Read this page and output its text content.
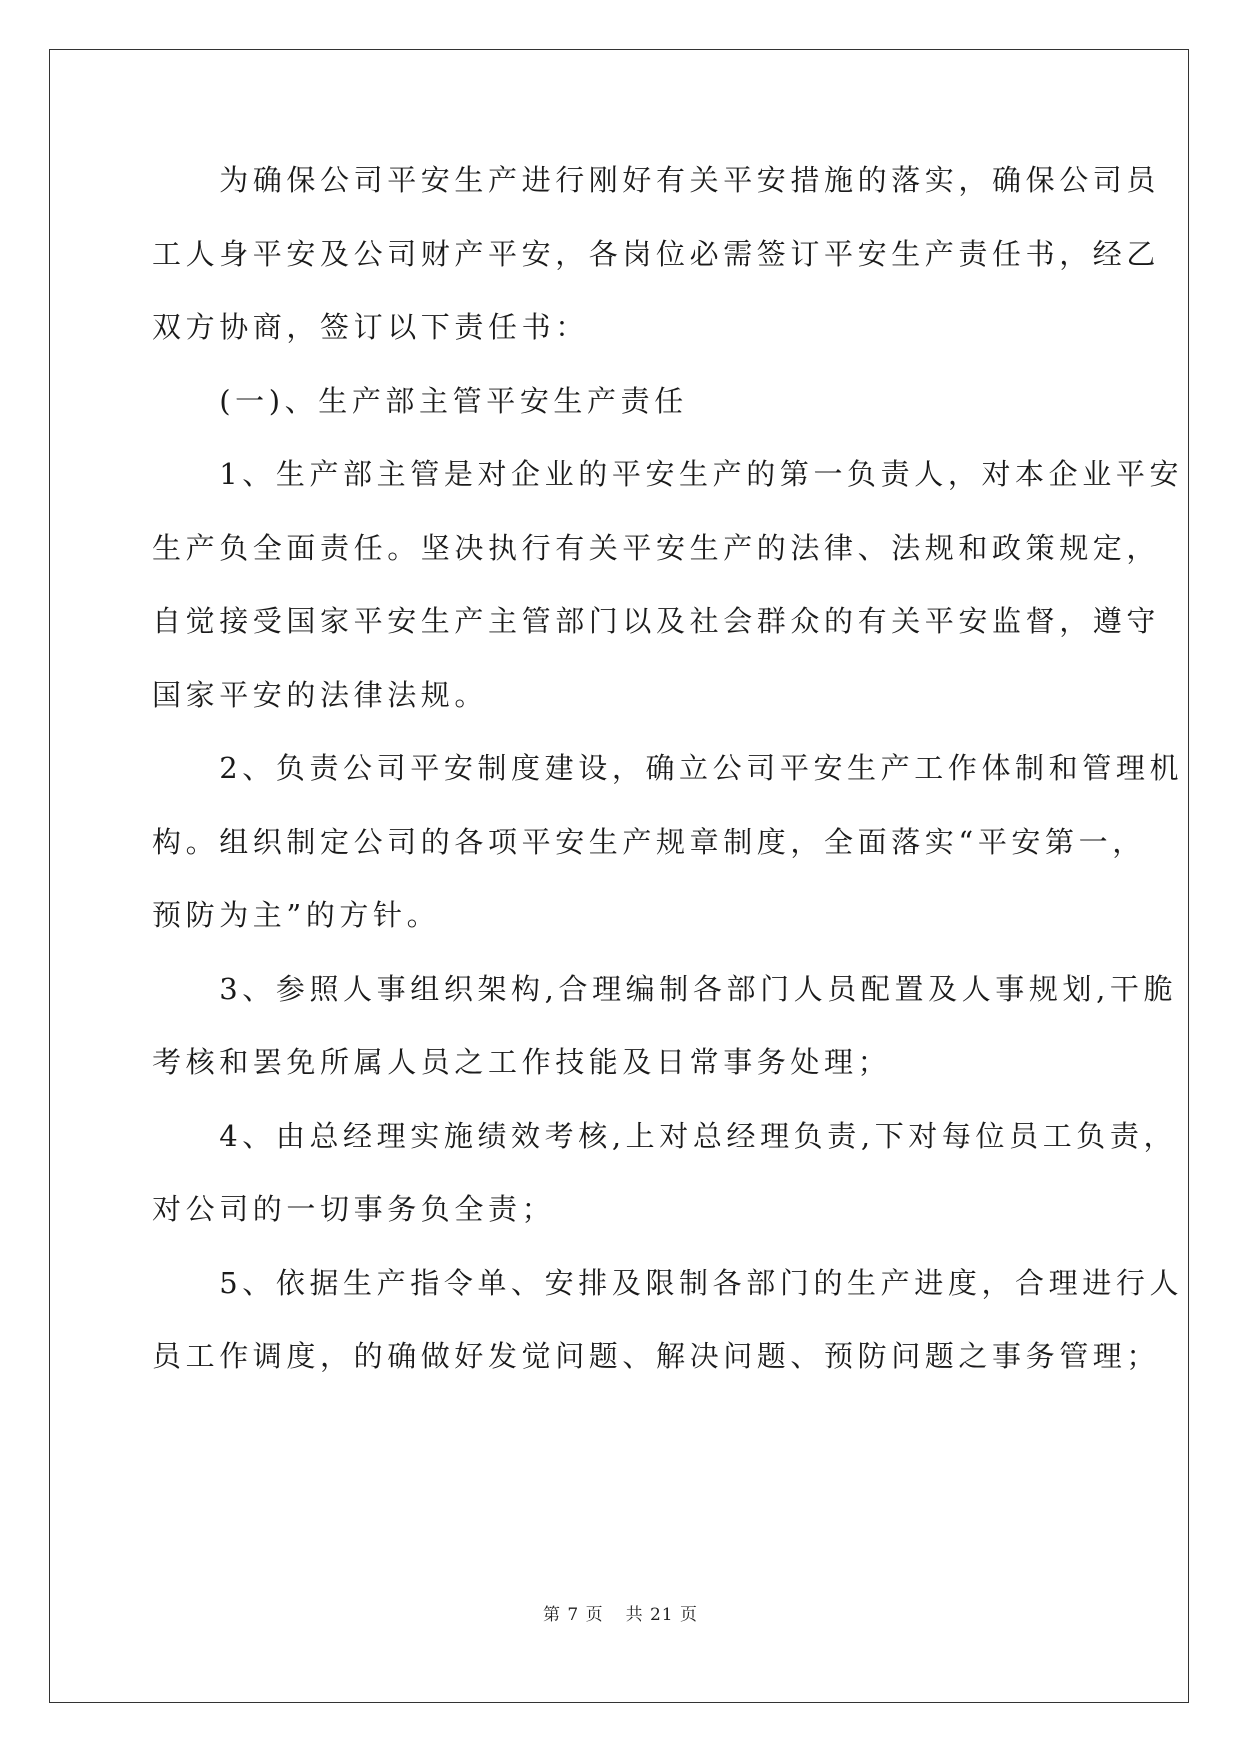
　　为确保公司平安生产进行刚好有关平安措施的落实，确保公司员
工人身平安及公司财产平安，各岗位必需签订平安生产责任书，经乙
双方协商，签订以下责任书：
　　(一)、生产部主管平安生产责任
　　1、生产部主管是对企业的平安生产的第一负责人，对本企业平安
生产负全面责任。坚决执行有关平安生产的法律、法规和政策规定，
自觉接受国家平安生产主管部门以及社会群众的有关平安监督，遵守
国家平安的法律法规。
　　2、负责公司平安制度建设，确立公司平安生产工作体制和管理机
构。组织制定公司的各项平安生产规章制度，全面落实“平安第一，
预防为主”的方针。
　　3、参照人事组织架构,合理编制各部门人员配置及人事规划,干脆
考核和罢免所属人员之工作技能及日常事务处理；
　　4、由总经理实施绩效考核,上对总经理负责,下对每位员工负责，
对公司的一切事务负全责；
　　5、依据生产指令单、安排及限制各部门的生产进度，合理进行人
员工作调度，的确做好发觉问题、解决问题、预防问题之事务管理；
第 7 页 共 21 页
